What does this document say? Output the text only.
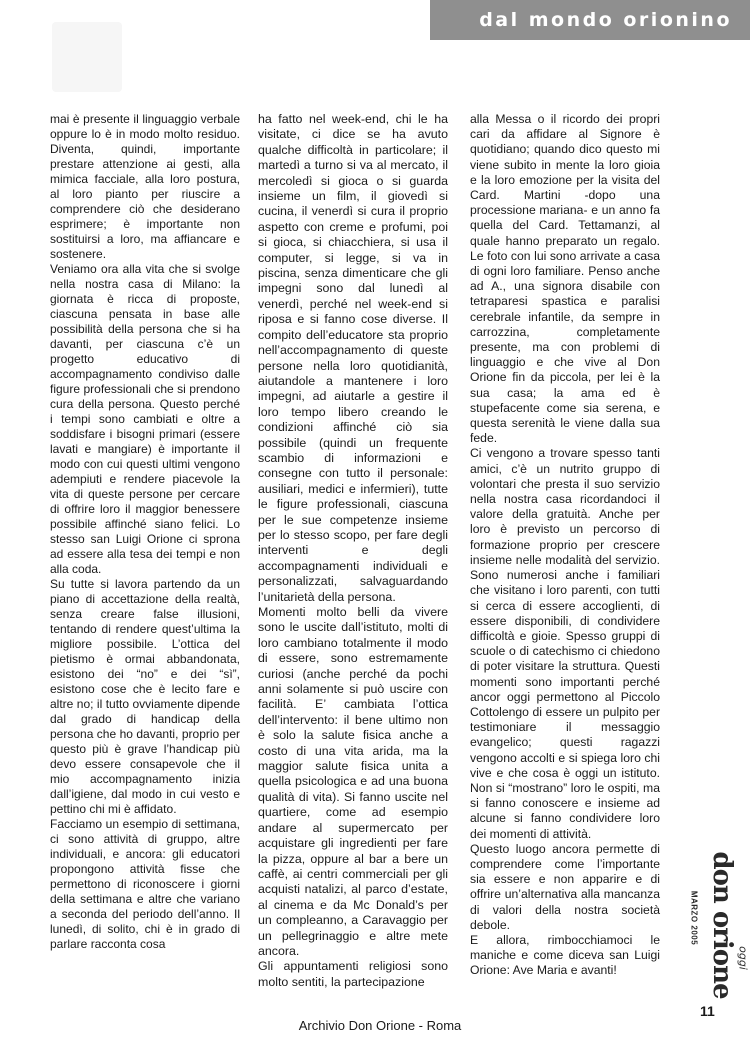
dal mondo orionino

mai è presente il linguaggio verbale oppure lo è in modo molto residuo. Diventa, quindi, importante prestare attenzione ai gesti, alla mimica facciale, alla loro postura, al loro pianto per riuscire a comprendere ciò che desiderano esprimere; è importante non sostituirsi a loro, ma affiancare e sostenere.

Veniamo ora alla vita che si svolge nella nostra casa di Milano: la giornata è ricca di proposte, ciascuna pensata in base alle possibilità della persona che si ha davanti, per ciascuna c’è un progetto educativo di accompagnamento condiviso dalle figure professionali che si prendono cura della persona. Questo perché i tempi sono cambiati e oltre a soddisfare i bisogni primari (essere lavati e mangiare) è importante il modo con cui questi ultimi vengono adempiuti e rendere piacevole la vita di queste persone per cercare di offrire loro il maggior benessere possibile affinché siano felici. Lo stesso san Luigi Orione ci sprona ad essere alla tesa dei tempi e non alla coda.

Su tutte si lavora partendo da un piano di accettazione della realtà, senza creare false illusioni, tentando di rendere quest’ultima la migliore possibile. L’ottica del pietismo è ormai abbandonata, esistono dei “no” e dei “sì”, esistono cose che è lecito fare e altre no; il tutto ovviamente dipende dal grado di handicap della persona che ho davanti, proprio per questo più è grave l’handicap più devo essere consapevole che il mio accompagnamento inizia dall’igiene, dal modo in cui vesto e pettino chi mi è affidato.

Facciamo un esempio di settimana, ci sono attività di gruppo, altre individuali, e ancora: gli educatori propongono attività fisse che permettono di riconoscere i giorni della settimana e altre che variano a seconda del periodo dell’anno. Il lunedì, di solito, chi è in grado di parlare racconta cosa

ha fatto nel week-end, chi le ha visitate, ci dice se ha avuto qualche difficoltà in particolare; il martedì a turno si va al mercato, il mercoledì si gioca o si guarda insieme un film, il giovedì si cucina, il venerdì si cura il proprio aspetto con creme e profumi, poi si gioca, si chiacchiera, si usa il computer, si legge, si va in piscina, senza dimenticare che gli impegni sono dal lunedì al venerdì, perché nel week-end si riposa e si fanno cose diverse. Il compito dell’educatore sta proprio nell’accompagnamento di queste persone nella loro quotidianità, aiutandole a mantenere i loro impegni, ad aiutarle a gestire il loro tempo libero creando le condizioni affinché ciò sia possibile (quindi un frequente scambio di informazioni e consegne con tutto il personale: ausiliari, medici e infermieri), tutte le figure professionali, ciascuna per le sue competenze insieme per lo stesso scopo, per fare degli interventi e degli accompagnamenti individuali e personalizzati, salvaguardando l’unitarietà della persona.

Momenti molto belli da vivere sono le uscite dall’istituto, molti di loro cambiano totalmente il modo di essere, sono estremamente curiosi (anche perché da pochi anni solamente si può uscire con facilità. E’ cambiata l’ottica dell’intervento: il bene ultimo non è solo la salute fisica anche a costo di una vita arida, ma la maggior salute fisica unita a quella psicologica e ad una buona qualità di vita). Si fanno uscite nel quartiere, come ad esempio andare al supermercato per acquistare gli ingredienti per fare la pizza, oppure al bar a bere un caffè, ai centri commerciali per gli acquisti natalizi, al parco d’estate, al cinema e da Mc Donald’s per un compleanno, a Caravaggio per un pellegrinaggio e altre mete ancora.

Gli appuntamenti religiosi sono molto sentiti, la partecipazione

alla Messa o il ricordo dei propri cari da affidare al Signore è quotidiano; quando dico questo mi viene subito in mente la loro gioia e la loro emozione per la visita del Card. Martini -dopo una processione mariana- e un anno fa quella del Card. Tettamanzi, al quale hanno preparato un regalo. Le foto con lui sono arrivate a casa di ogni loro familiare. Penso anche ad A., una signora disabile con tetraparesi spastica e paralisi cerebrale infantile, da sempre in carrozzina, completamente presente, ma con problemi di linguaggio e che vive al Don Orione fin da piccola, per lei è la sua casa; la ama ed è stupefacente come sia serena, e questa serenità le viene dalla sua fede.

Ci vengono a trovare spesso tanti amici, c’è un nutrito gruppo di volontari che presta il suo servizio nella nostra casa ricordandoci il valore della gratuità. Anche per loro è previsto un percorso di formazione proprio per crescere insieme nelle modalità del servizio. Sono numerosi anche i familiari che visitano i loro parenti, con tutti si cerca di essere accoglienti, di essere disponibili, di condividere difficoltà e gioie. Spesso gruppi di scuole o di catechismo ci chiedono di poter visitare la struttura. Questi momenti sono importanti perché ancor oggi permettono al Piccolo Cottolengo di essere un pulpito per testimoniare il messaggio evangelico; questi ragazzi vengono accolti e si spiega loro chi vive e che cosa è oggi un istituto. Non si “mostrano” loro le ospiti, ma si fanno conoscere e insieme ad alcune si fanno condividere loro dei momenti di attività.

Questo luogo ancora permette di comprendere come l’importante sia essere e non apparire e di offrire un’alternativa alla mancanza di valori della nostra società debole.

E allora, rimbocchiamoci le maniche e come diceva san Luigi Orione: Ave Maria e avanti!

MARZO 2005 don orione oggi
11
Archivio Don Orione - Roma
